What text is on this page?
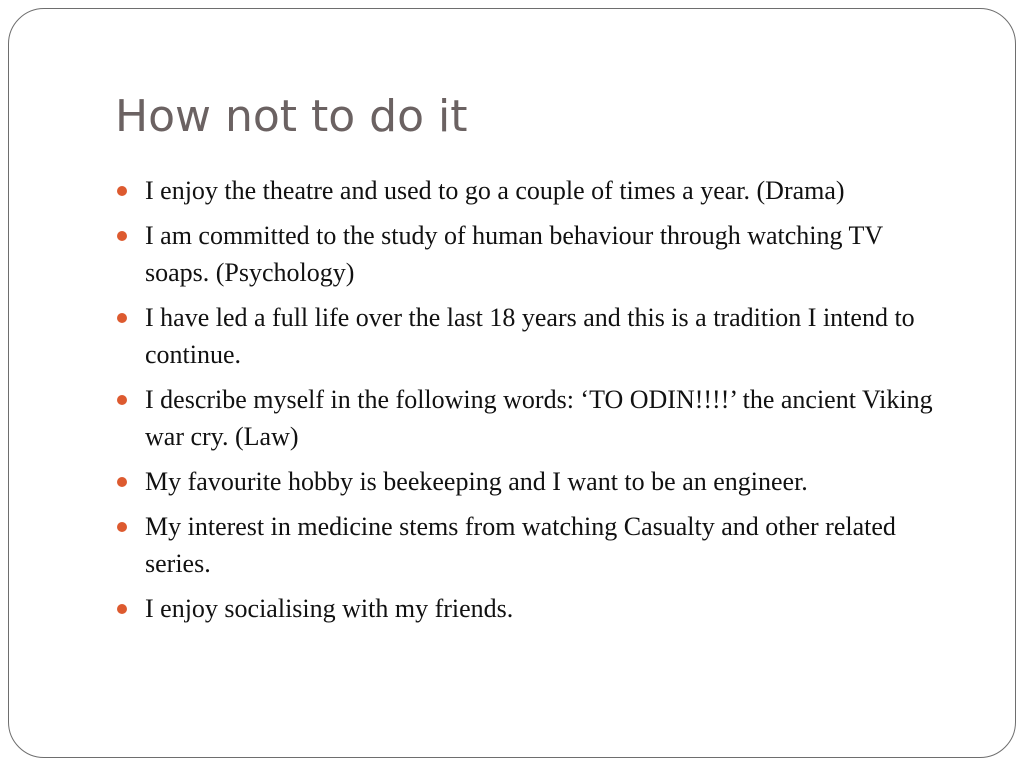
How not to do it
I enjoy the theatre and used to go a couple of times a year. (Drama)
I am committed to the study of human behaviour through watching TV soaps. (Psychology)
I have led a full life over the last 18 years and this is a tradition I intend to continue.
I describe myself in the following words: ‘TO ODIN!!!!’ the ancient Viking war cry. (Law)
My favourite hobby is beekeeping and I want to be an engineer.
My interest in medicine stems from watching Casualty and other related series.
I enjoy socialising with my friends.
